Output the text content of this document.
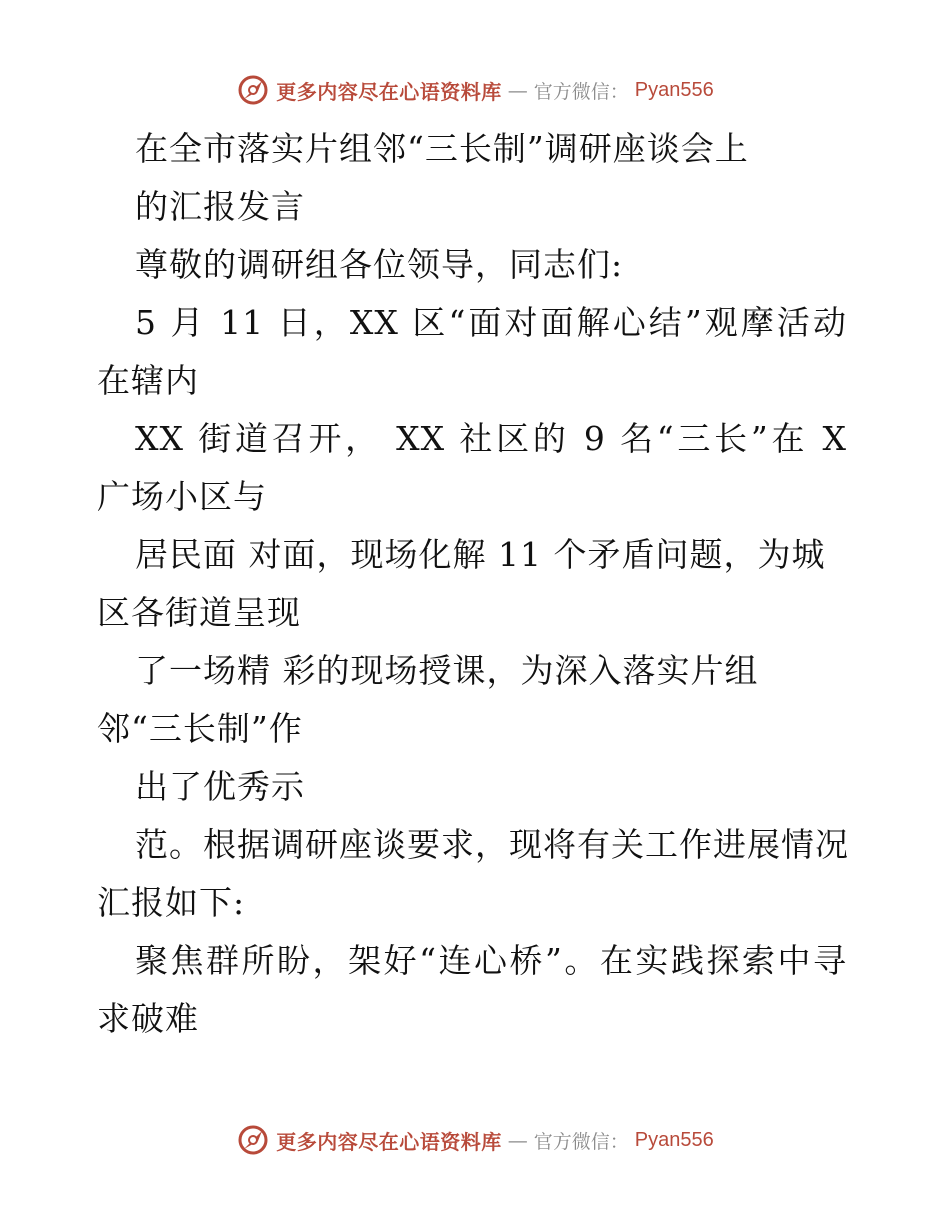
更多内容尽在心语资料库 — 官方微信： Pyan556
在全市落实片组邻“三长制”调研座谈会上
的汇报发言
尊敬的调研组各位领导，同志们:
5 月 11 日，XX 区“面对面解心结”观摩活动
在辖内
XX 街道召开， XX 社区的 9 名“三长”在 X
广场小区与
居民面 对面，现场化解 11 个矛盾问题，为城
区各街道呈现
了一场精 彩的现场授课，为深入落实片组
邻“三长制”作
出了优秀示
范。根据调研座谈要求，现将有关工作进展情况
汇报如下:
聚焦群所盼，架好“连心桥”。在实践探索中寻
求破难
更多内容尽在心语资料库 — 官方微信： Pyan556
